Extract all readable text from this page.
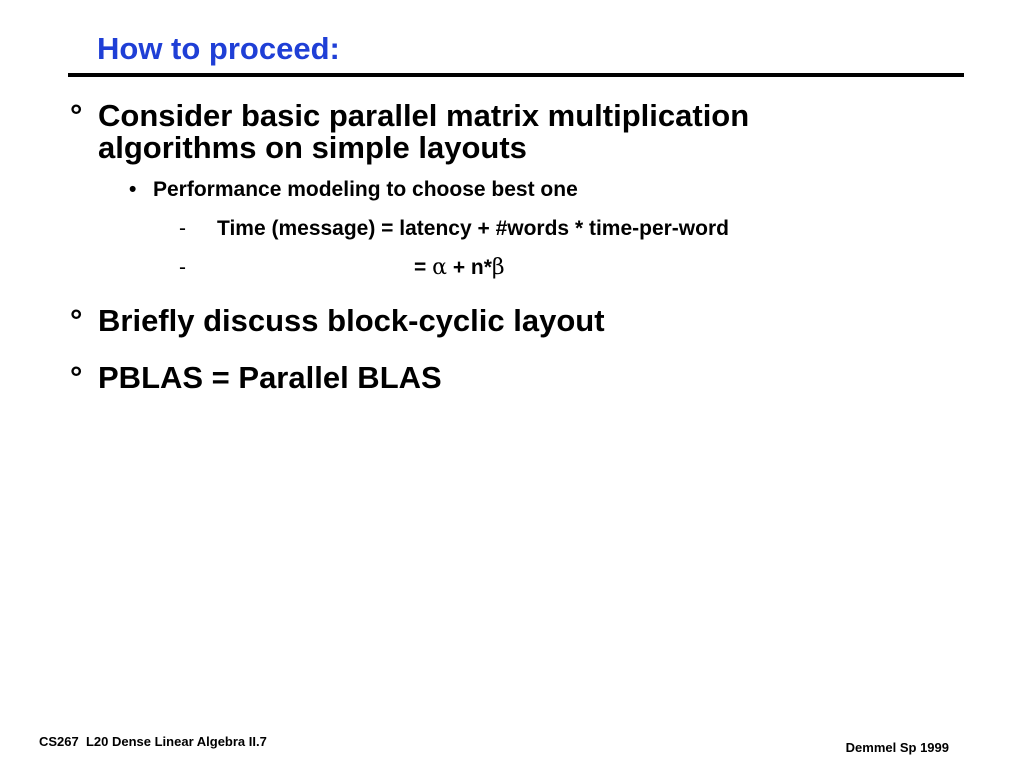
How to proceed:
° Consider basic parallel matrix multiplication
algorithms on simple layouts
• Performance modeling to choose best one
- Time (message) = latency + #words * time-per-word
-	= α + n*β
° Briefly discuss block-cyclic layout
° PBLAS = Parallel BLAS
CS267  L20 Dense Linear Algebra II.7	Demmel Sp 1999
